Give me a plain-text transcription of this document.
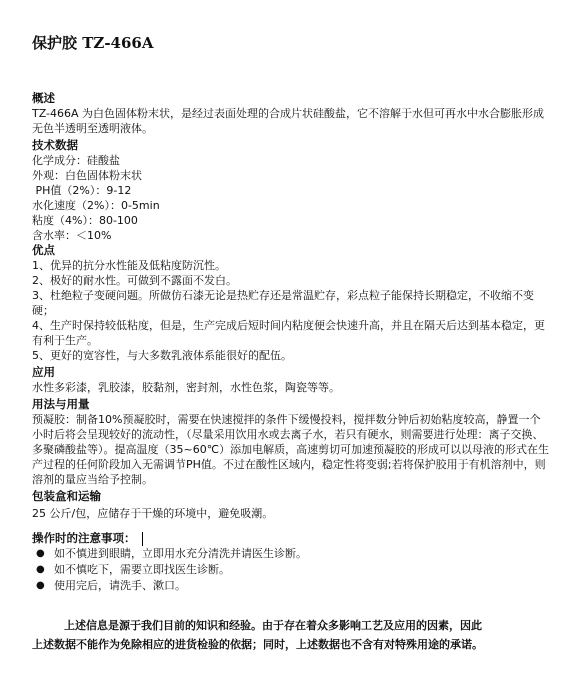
保护胶 TZ-466A
概述
TZ-466A 为白色固体粉末状，是经过表面处理的合成片状硅酸盐，它不溶解于水但可再水中水合膨胀形成无色半透明至透明液体。
技术数据
化学成分：硅酸盐
外观：白色固体粉末状
PH值（2%）：9-12
水化速度（2%）：0-5min
粘度（4%）：80-100
含水率：＜10%
优点
1、优异的抗分水性能及低粘度防沉性。
2、极好的耐水性。可做到不露面不发白。
3、杜绝粒子变硬问题。所做仿石漆无论是热贮存还是常温贮存，彩点粒子能保持长期稳定，不收缩不变硬；
4、生产时保持较低粘度，但是，生产完成后短时间内粘度便会快速升高，并且在隔天后达到基本稳定，更有利于生产。
5、更好的宽容性，与大多数乳液体系能很好的配伍。
应用
水性多彩漆，乳胶漆，胶黏剂，密封剂，水性色浆，陶瓷等等。
用法与用量
预凝胶：制备10%预凝胶时，需要在快速搅拌的条件下缓慢投料，搅拌数分钟后初始粘度较高，静置一个小时后将会呈现较好的流动性，（尽量采用饮用水或去离子水，若只有硬水，则需要进行处理：离子交换、多聚磷酸盐等）。提高温度（35~60℃）添加电解质，高速剪切可加速预凝胶的形成可以以母液的形式在生产过程的任何阶段加入无需调节PH值。不过在酸性区域内，稳定性将变弱;若将保护胶用于有机溶剂中，则溶剂的量应当给予控制。
包装盒和运输
25 公斤/包，应储存于干燥的环境中，避免吸潮。
操作时的注意事项：
● 如不慎进到眼睛，立即用水充分清洗并请医生诊断。
● 如不慎吃下，需要立即找医生诊断。
● 使用完后，请洗手、漱口。
上述信息是源于我们目前的知识和经验。由于存在着众多影响工艺及应用的因素，因此
上述数据不能作为免除相应的进货检验的依据；同时，上述数据也不含有对特殊用途的承诺。
